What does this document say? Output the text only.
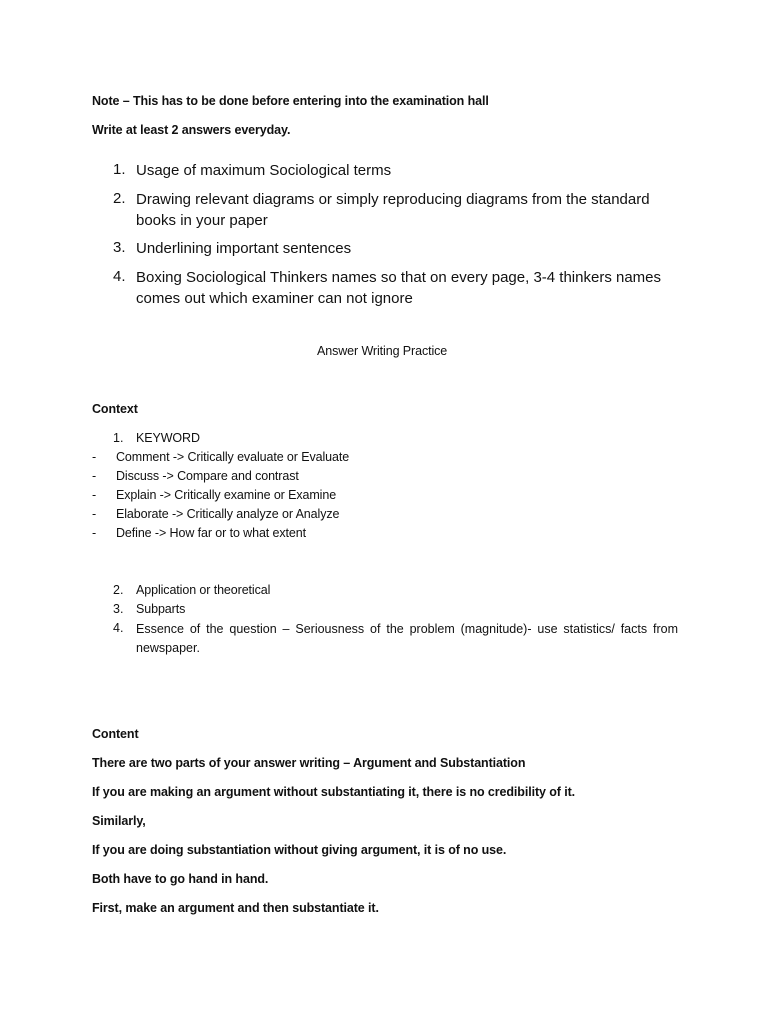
Note – This has to be done before entering into the examination hall

Write at least 2 answers everyday.

1. Usage of maximum Sociological terms

2. Drawing relevant diagrams or simply reproducing diagrams from the standard books in your paper

3. Underlining important sentences

4. Boxing Sociological Thinkers names so that on every page, 3-4 thinkers names comes out which examiner can not ignore

Answer Writing Practice

Context

1. KEYWORD
- Comment -> Critically evaluate or Evaluate
- Discuss -> Compare and contrast
- Explain -> Critically examine or Examine
- Elaborate -> Critically analyze or Analyze
- Define -> How far or to what extent
2. Application or theoretical
3. Subparts
4. Essence of the question – Seriousness of the problem (magnitude)- use statistics/ facts from newspaper.

Content

There are two parts of your answer writing – Argument and Substantiation

If you are making an argument without substantiating it, there is no credibility of it.

Similarly,

If you are doing substantiation without giving argument, it is of no use.

Both have to go hand in hand.

First, make an argument and then substantiate it.
